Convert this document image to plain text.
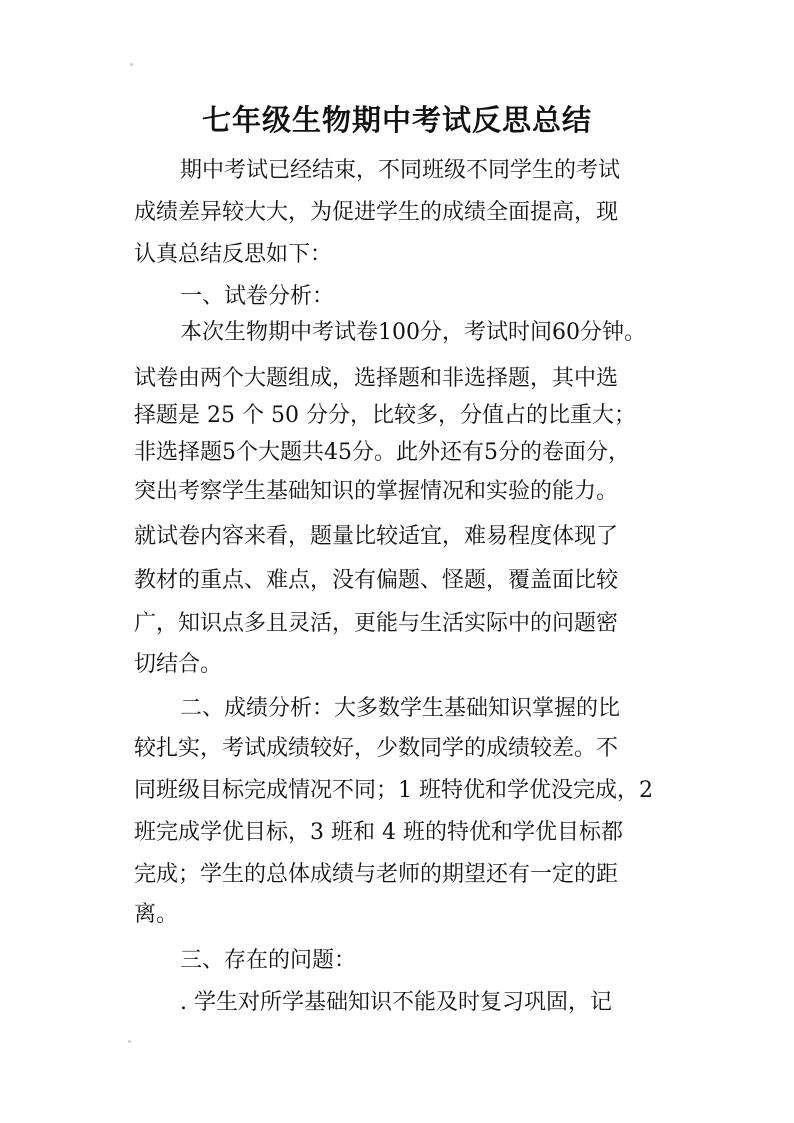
七年级生物期中考试反思总结

期中考试已经结束，不同班级不同学生的考试

成绩差异较大大，为促进学生的成绩全面提高，现

认真总结反思如下：

一、试卷分析：

本次生物期中考试卷100分，考试时间60分钟。

试卷由两个大题组成，选择题和非选择题，其中选

择题是 25 个 50 分分，比较多，分值占的比重大；

非选择题5个大题共45分。此外还有5分的卷面分，

突出考察学生基础知识的掌握情况和实验的能力。

就试卷内容来看，题量比较适宜，难易程度体现了

教材的重点、难点，没有偏题、怪题，覆盖面比较

广，知识点多且灵活，更能与生活实际中的问题密

切结合。

二、成绩分析：大多数学生基础知识掌握的比

较扎实，考试成绩较好，少数同学的成绩较差。不

同班级目标完成情况不同；1 班特优和学优没完成，2

班完成学优目标，3 班和 4 班的特优和学优目标都

完成；学生的总体成绩与老师的期望还有一定的距

离。

三、存在的问题：

. 学生对所学基础知识不能及时复习巩固，记
